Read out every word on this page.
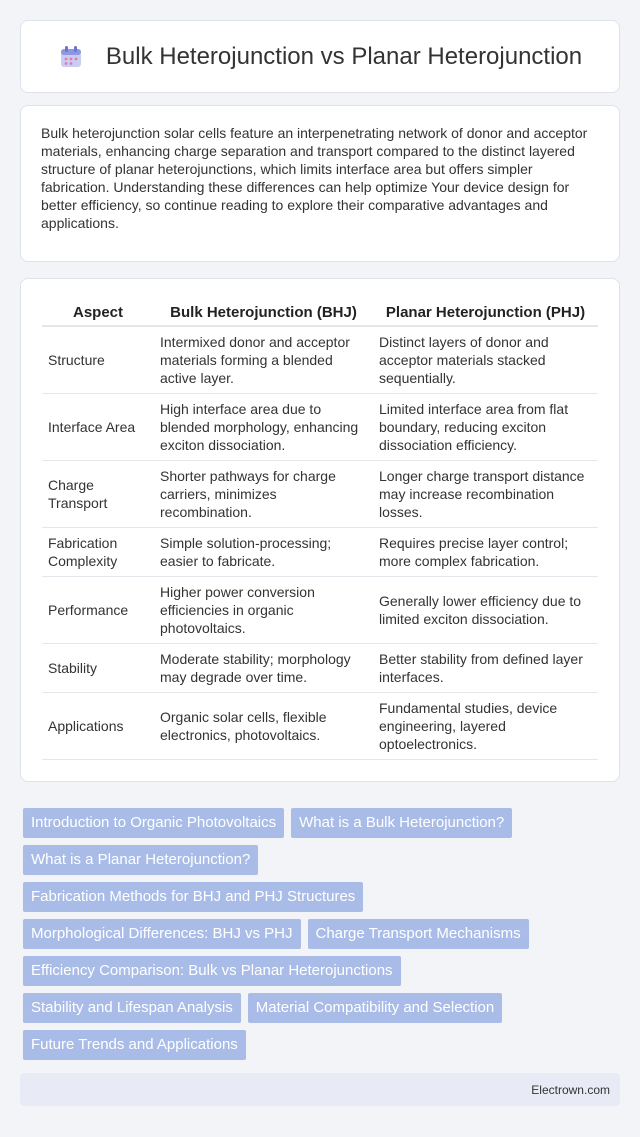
Bulk Heterojunction vs Planar Heterojunction

Bulk heterojunction solar cells feature an interpenetrating network of donor and acceptor materials, enhancing charge separation and transport compared to the distinct layered structure of planar heterojunctions, which limits interface area but offers simpler fabrication. Understanding these differences can help optimize Your device design for better efficiency, so continue reading to explore their comparative advantages and applications.

Aspect	Bulk Heterojunction (BHJ)	Planar Heterojunction (PHJ)
Structure	Intermixed donor and acceptor materials forming a blended active layer.	Distinct layers of donor and acceptor materials stacked sequentially.
Interface Area	High interface area due to blended morphology, enhancing exciton dissociation.	Limited interface area from flat boundary, reducing exciton dissociation efficiency.
Charge Transport	Shorter pathways for charge carriers, minimizes recombination.	Longer charge transport distance may increase recombination losses.
Fabrication Complexity	Simple solution-processing; easier to fabricate.	Requires precise layer control; more complex fabrication.
Performance	Higher power conversion efficiencies in organic photovoltaics.	Generally lower efficiency due to limited exciton dissociation.
Stability	Moderate stability; morphology may degrade over time.	Better stability from defined layer interfaces.
Applications	Organic solar cells, flexible electronics, photovoltaics.	Fundamental studies, device engineering, layered optoelectronics.
Introduction to Organic Photovoltaics	What is a Bulk Heterojunction?
What is a Planar Heterojunction?
Fabrication Methods for BHJ and PHJ Structures
Morphological Differences: BHJ vs PHJ	Charge Transport Mechanisms
Efficiency Comparison: Bulk vs Planar Heterojunctions
Stability and Lifespan Analysis	Material Compatibility and Selection
Future Trends and Applications
Electrown.com
